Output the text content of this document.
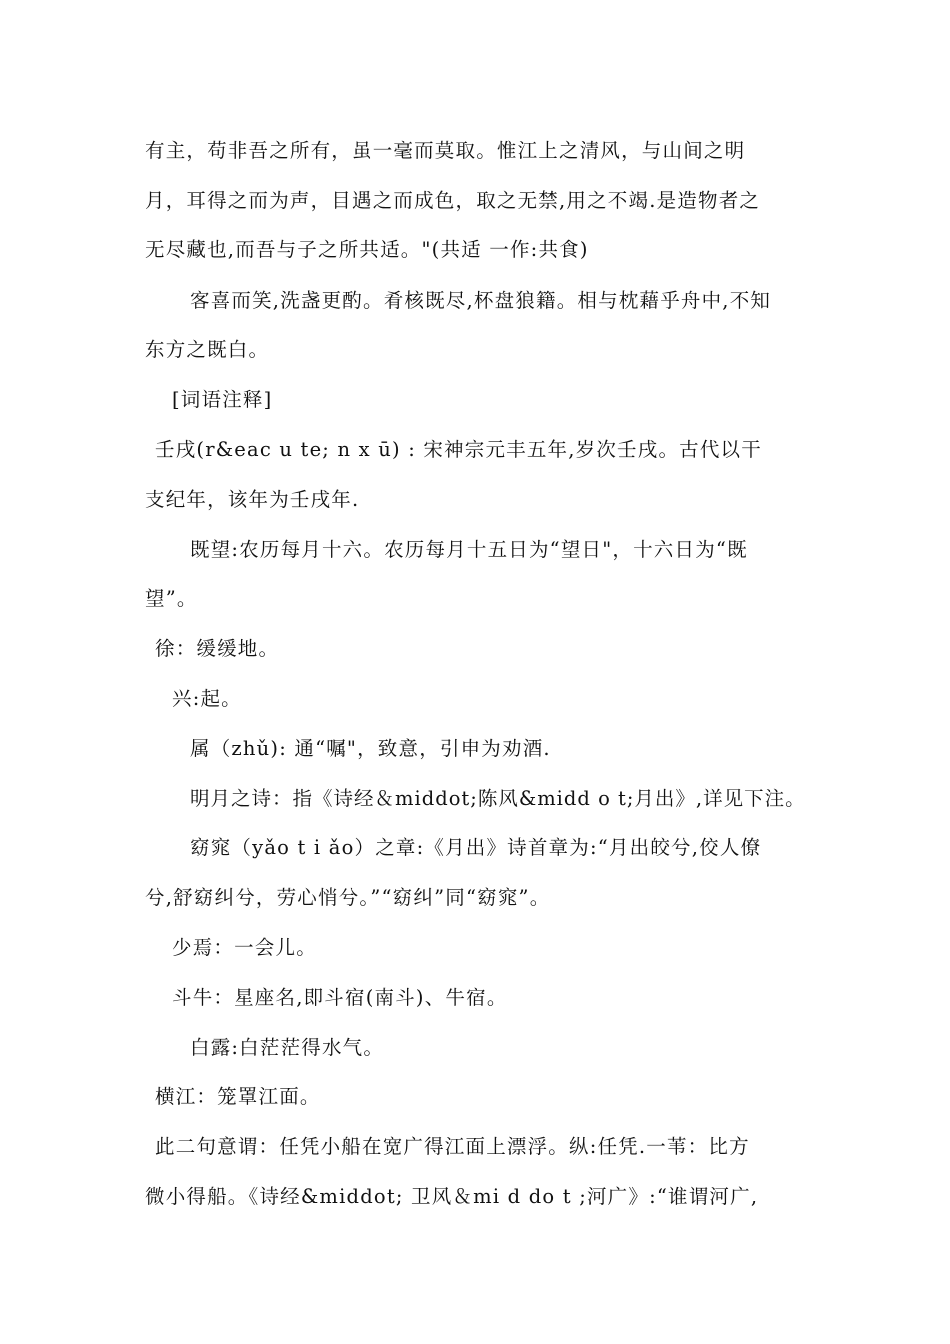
有主，苟非吾之所有，虽一毫而莫取。惟江上之清风，与山间之明
月，耳得之而为声，目遇之而成色，取之无禁,用之不竭.是造物者之
无尽藏也,而吾与子之所共适。"(共适 一作:共食)
客喜而笑,洗盏更酌。肴核既尽,杯盘狼籍。相与枕藉乎舟中,不知
东方之既白。
[词语注释]
壬戌(r&eac u te; n x ū) : 宋神宗元丰五年,岁次壬戌。古代以干
支纪年，该年为壬戌年.
既望:农历每月十六。农历每月十五日为“望日"，十六日为“既
望”。
徐：缓缓地。
兴:起。
属（zhǔ): 通“嘱"，致意，引申为劝酒.
明月之诗：指《诗经＆middot;陈风&midd o t;月出》,详见下注。
窈窕（yǎo t i ǎo）之章:《月出》诗首章为:“月出皎兮,佼人僚
兮,舒窈纠兮，劳心悄兮。”“窈纠”同“窈窕”。
少焉：一会儿。
斗牛：星座名,即斗宿(南斗)、牛宿。
白露:白茫茫得水气。
横江：笼罩江面。
此二句意谓：任凭小船在宽广得江面上漂浮。纵:任凭.一苇：比方
微小得船。《诗经&middot; 卫风＆mi d do t ;河广》:“谁谓河广,
